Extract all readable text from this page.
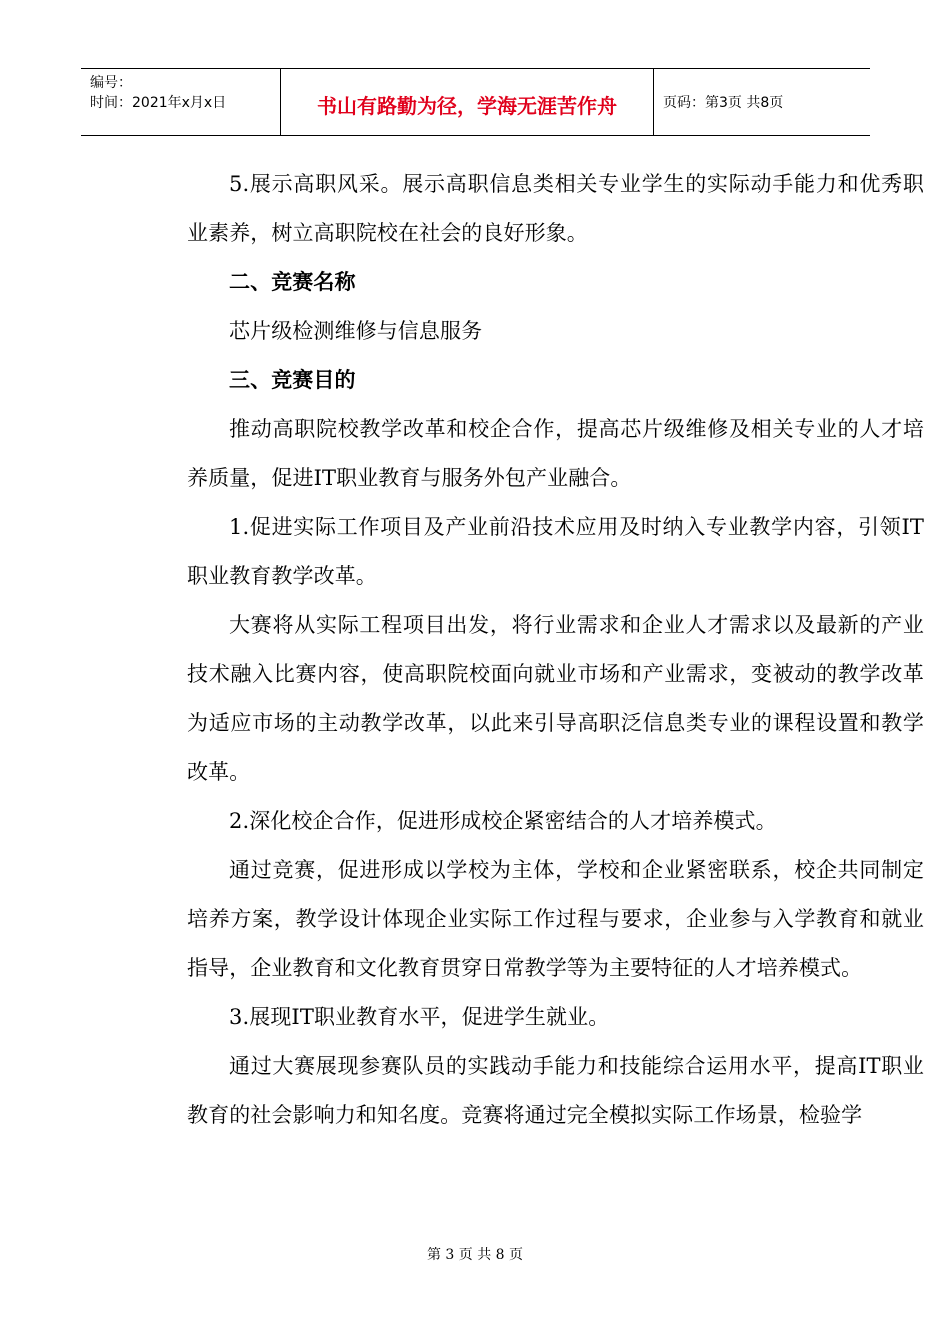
编号：
时间：2021年x月x日	书山有路勤为径，学海无涯苦作舟	页码：第3页 共8页

5.展示高职风采。展示高职信息类相关专业学生的实际动手能力和优秀职业素养，树立高职院校在社会的良好形象。

二、竞赛名称

芯片级检测维修与信息服务

三、竞赛目的

推动高职院校教学改革和校企合作，提高芯片级维修及相关专业的人才培养质量，促进IT职业教育与服务外包产业融合。

1.促进实际工作项目及产业前沿技术应用及时纳入专业教学内容，引领IT职业教育教学改革。

大赛将从实际工程项目出发，将行业需求和企业人才需求以及最新的产业技术融入比赛内容，使高职院校面向就业市场和产业需求，变被动的教学改革为适应市场的主动教学改革，以此来引导高职泛信息类专业的课程设置和教学改革。

2.深化校企合作，促进形成校企紧密结合的人才培养模式。

通过竞赛，促进形成以学校为主体，学校和企业紧密联系，校企共同制定培养方案，教学设计体现企业实际工作过程与要求，企业参与入学教育和就业指导，企业教育和文化教育贯穿日常教学等为主要特征的人才培养模式。

3.展现IT职业教育水平，促进学生就业。

通过大赛展现参赛队员的实践动手能力和技能综合运用水平，提高IT职业教育的社会影响力和知名度。竞赛将通过完全模拟实际工作场景，检验学

第 3 页 共 8 页
